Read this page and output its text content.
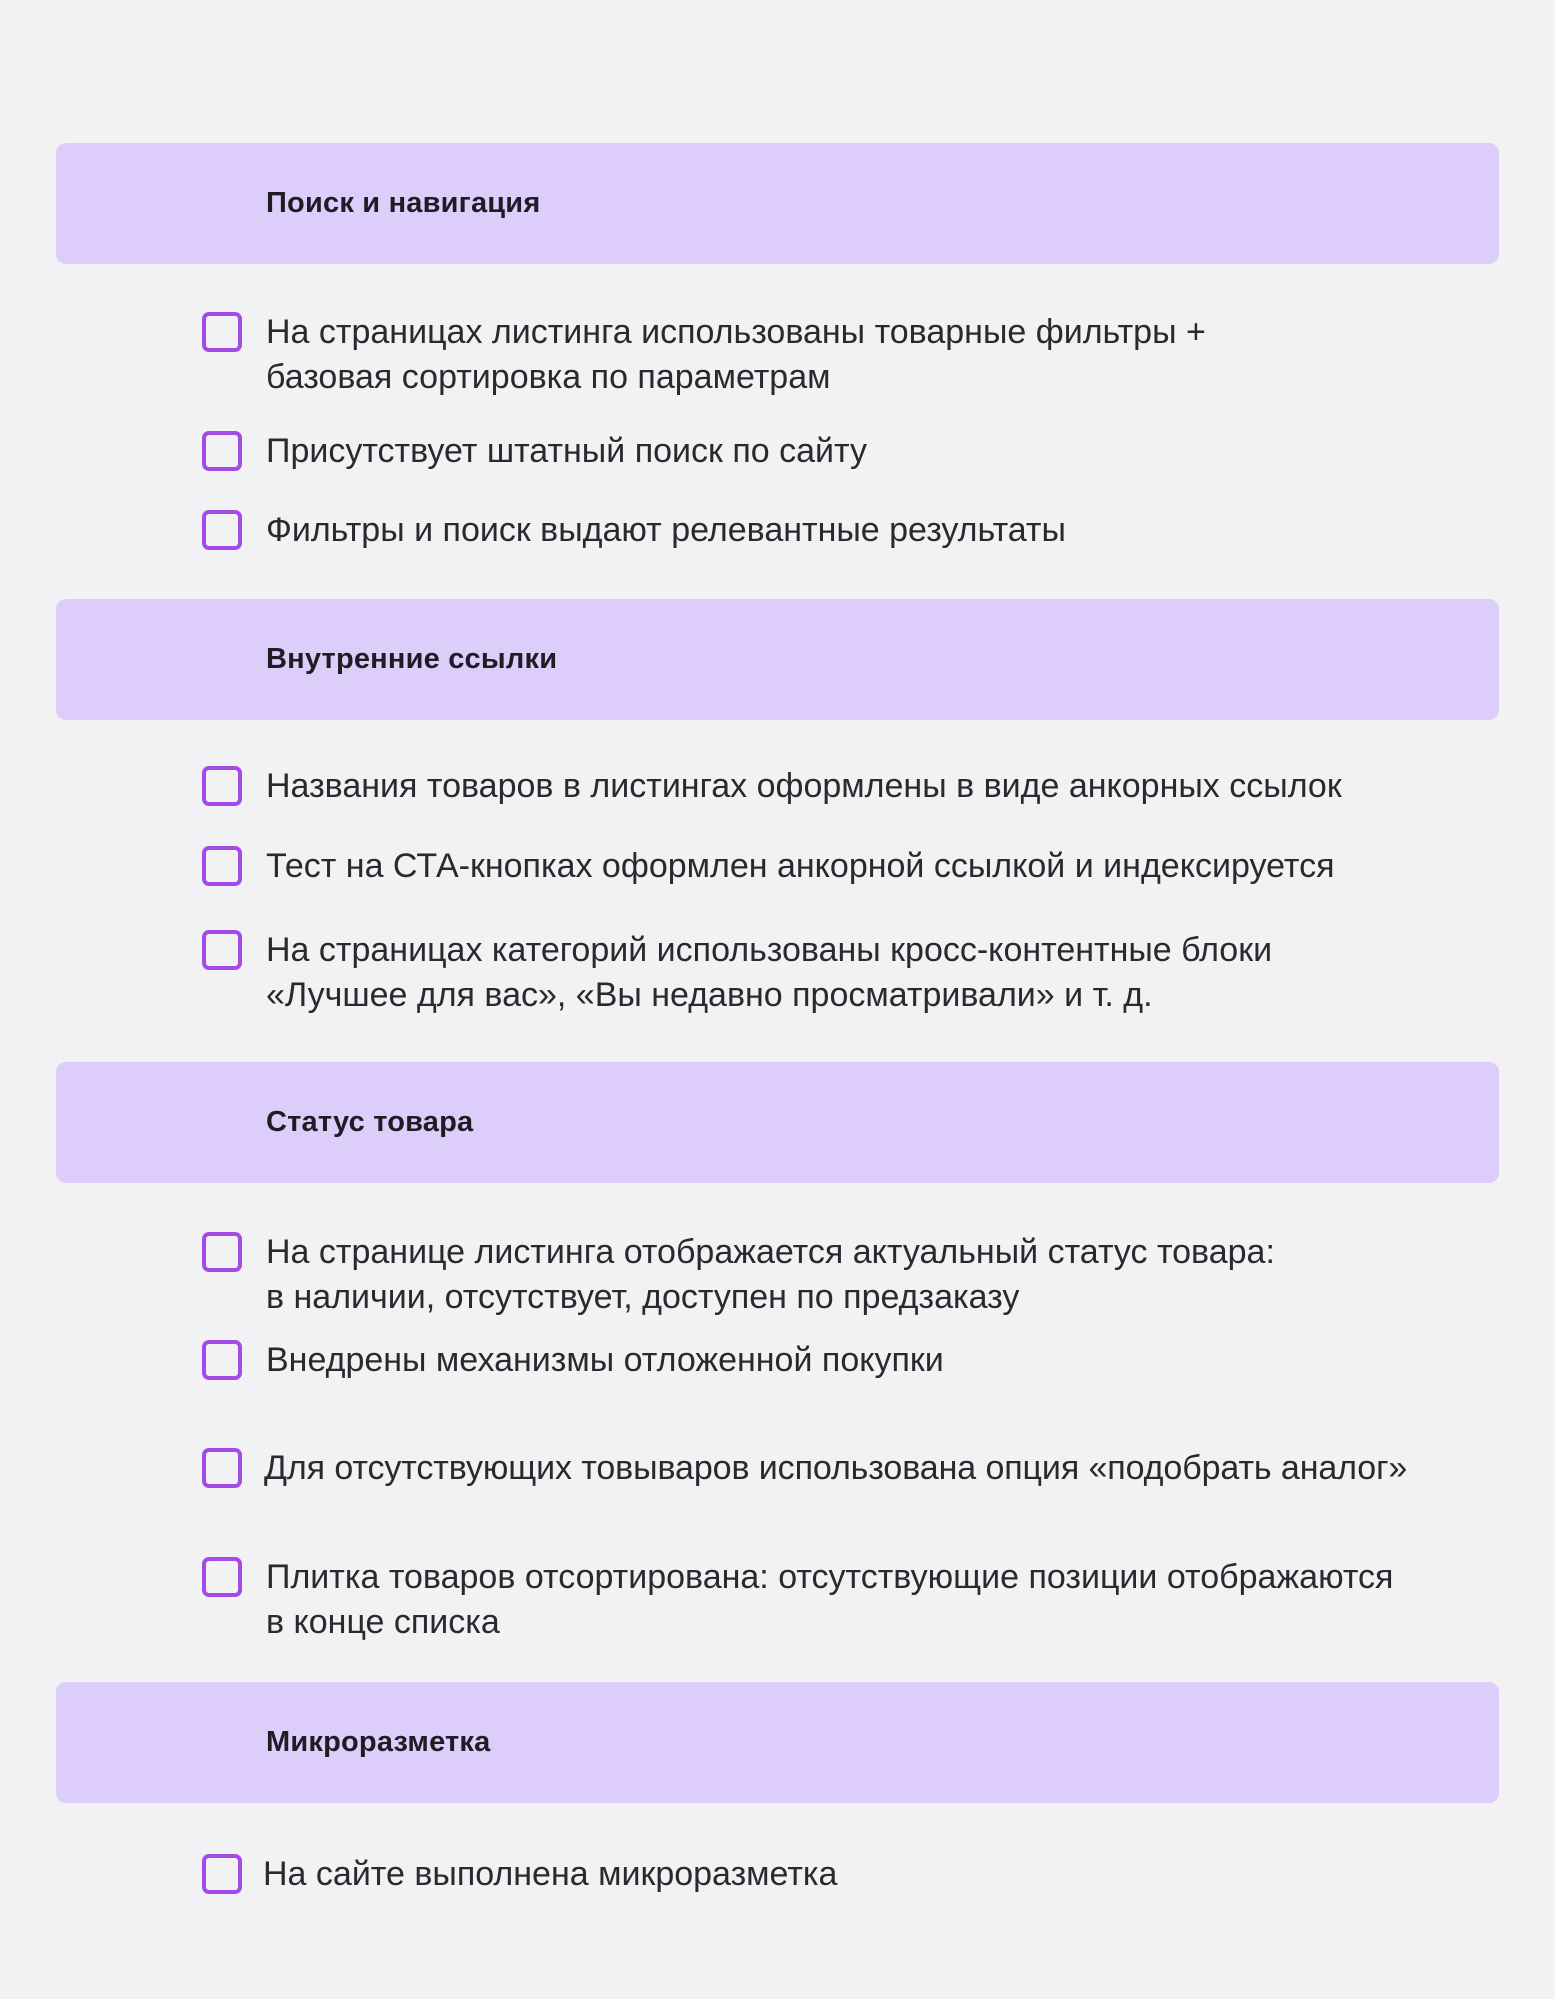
Поиск и навигация
На страницах листинга использованы товарные фильтры +
базовая сортировка по параметрам
Присутствует штатный поиск по сайту
Фильтры и поиск выдают релевантные результаты
Внутренние ссылки
Названия товаров в листингах оформлены в виде анкорных ссылок
Тест на СТА-кнопках оформлен анкорной ссылкой и индексируется
На страницах категорий использованы кросс-контентные блоки
«Лучшее для вас», «Вы недавно просматривали» и т. д.
Статус товара
На странице листинга отображается актуальный статус товара:
в наличии, отсутствует, доступен по предзаказу
Внедрены механизмы отложенной покупки
Для отсутствующих товываров использована опция «подобрать аналог»
Плитка товаров отсортирована: отсутствующие позиции отображаются
в конце списка
Микроразметка
На сайте выполнена микроразметка
